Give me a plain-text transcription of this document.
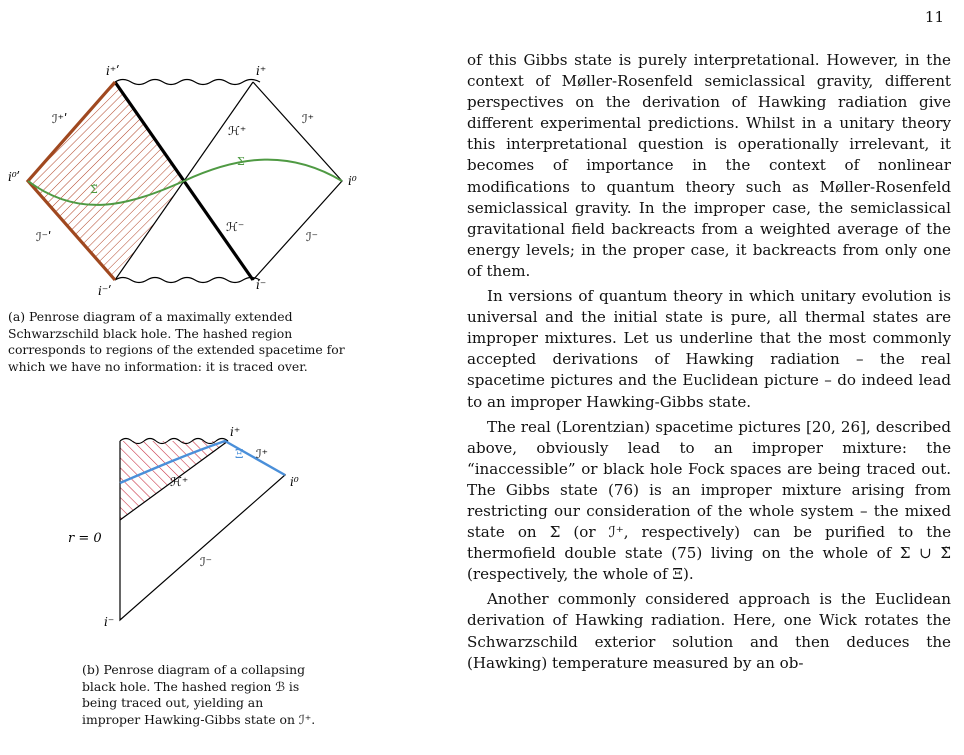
11
i⁺ʹ	i⁺
ℐ⁺ʹ	ℐ⁺
ℋ⁺
Σ
Σ̃
i⁰ʹ	i⁰
ℋ⁻
ℐ⁻ʹ	ℐ⁻
i⁻ʹ	i⁻
(a) Penrose diagram of a maximally extended Schwarzschild black hole. The hashed region corresponds to regions of the extended spacetime for which we have no information: it is traced over.
i⁺
Ξ ℐ⁺
ℋ⁺	i⁰
r = 0
ℐ⁻
i⁻
(b) Penrose diagram of a collapsing black hole. The hashed region ℬ is being traced out, yielding an improper Hawking-Gibbs state on ℐ⁺.

of this Gibbs state is purely interpretational. However, in the context of Møller-Rosenfeld semiclassical gravity, different perspectives on the derivation of Hawking radiation give different experimental predictions. Whilst in a unitary theory this interpretational question is operationally irrelevant, it becomes of importance in the context of nonlinear modifications to quantum theory such as Møller-Rosenfeld semiclassical gravity. In the improper case, the semiclassical gravitational field backreacts from a weighted average of the energy levels; in the proper case, it backreacts from only one of them.

In versions of quantum theory in which unitary evolution is universal and the initial state is pure, all thermal states are improper mixtures. Let us underline that the most commonly accepted derivations of Hawking radiation – the real spacetime pictures and the Euclidean picture – do indeed lead to an improper Hawking-Gibbs state.

The real (Lorentzian) spacetime pictures [20, 26], described above, obviously lead to an improper mixture: the “inaccessible” or black hole Fock spaces are being traced out. The Gibbs state (76) is an improper mixture arising from restricting our consideration of the whole system – the mixed state on Σ (or ℐ⁺, respectively) can be purified to the thermofield double state (75) living on the whole of Σ ∪ Σ̃ (respectively, the whole of Ξ).

Another commonly considered approach is the Euclidean derivation of Hawking radiation. Here, one Wick rotates the Schwarzschild exterior solution and then deduces the (Hawking) temperature measured by an ob-
